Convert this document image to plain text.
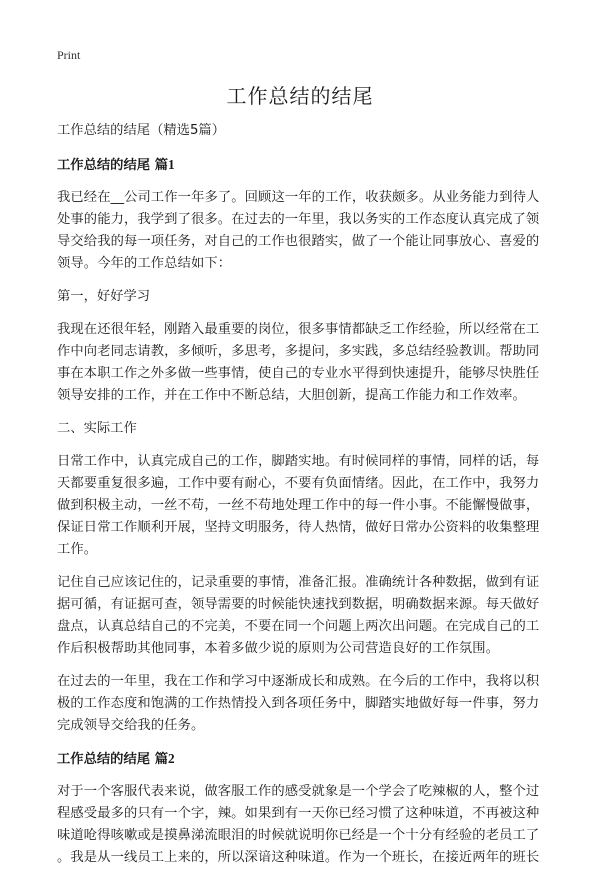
Print
工作总结的结尾

工作总结的结尾（精选5篇）

工作总结的结尾 篇1

我已经在__公司工作一年多了。回顾这一年的工作，收获颇多。从业务能力到待人
处事的能力，我学到了很多。在过去的一年里，我以务实的工作态度认真完成了领
导交给我的每一项任务，对自己的工作也很踏实，做了一个能让同事放心、喜爱的
领导。今年的工作总结如下：

第一，好好学习

我现在还很年轻，刚踏入最重要的岗位，很多事情都缺乏工作经验，所以经常在工
作中向老同志请教，多倾听，多思考，多提问，多实践，多总结经验教训。帮助同
事在本职工作之外多做一些事情，使自己的专业水平得到快速提升，能够尽快胜任
领导安排的工作，并在工作中不断总结，大胆创新，提高工作能力和工作效率。

二、实际工作

日常工作中，认真完成自己的工作，脚踏实地。有时候同样的事情，同样的话，每
天都要重复很多遍，工作中要有耐心，不要有负面情绪。因此，在工作中，我努力
做到积极主动，一丝不苟，一丝不苟地处理工作中的每一件小事。不能懈慢做事，
保证日常工作顺利开展，坚持文明服务，待人热情，做好日常办公资料的收集整理
工作。

记住自己应该记住的，记录重要的事情，准备汇报。准确统计各种数据，做到有证
据可循，有证据可查，领导需要的时候能快速找到数据，明确数据来源。每天做好
盘点，认真总结自己的不完美，不要在同一个问题上两次出问题。在完成自己的工
作后积极帮助其他同事，本着多做少说的原则为公司营造良好的工作氛围。

在过去的一年里，我在工作和学习中逐渐成长和成熟。在今后的工作中，我将以积
极的工作态度和饱满的工作热情投入到各项任务中，脚踏实地做好每一件事，努力
完成领导交给我的任务。

工作总结的结尾 篇2

对于一个客服代表来说，做客服工作的感受就象是一个学会了吃辣椒的人，整个过
程感受最多的只有一个字，辣。如果到有一天你已经习惯了这种味道，不再被这种
味道呛得咳嗽或是摸鼻涕流眼泪的时候就说明你已经是一个十分有经验的老员工了
。我是从一线员工上来的，所以深谙这种味道。作为一个班长，在接近两年的班长
